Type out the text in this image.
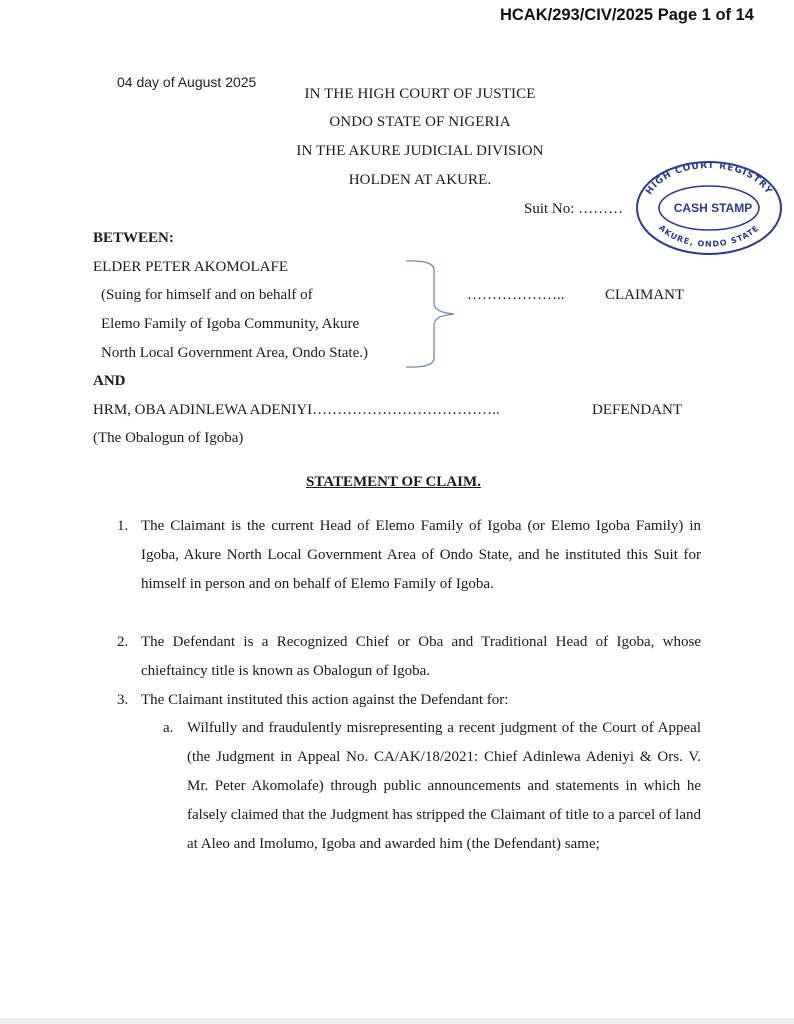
HCAK/293/CIV/2025 Page 1 of 14
04 day of August 2025
IN THE HIGH COURT OF JUSTICE
ONDO STATE OF NIGERIA
IN THE AKURE JUDICIAL DIVISION
HOLDEN AT AKURE.
Suit No: ………
HIGH COURT REGISTRY
AKURE, ONDO STATE
CASH STAMP
BETWEEN:
ELDER PETER AKOMOLAFE
(Suing for himself and on behalf of
Elemo Family of Igoba Community, Akure
North Local Government Area, Ondo State.)
………………..	CLAIMANT
AND
HRM, OBA ADINLEWA ADENIYI………………………………..	DEFENDANT
(The Obalogun of Igoba)
STATEMENT OF CLAIM.
1. The Claimant is the current Head of Elemo Family of Igoba (or Elemo Igoba Family) in Igoba, Akure North Local Government Area of Ondo State, and he instituted this Suit for himself in person and on behalf of Elemo Family of Igoba.
2. The Defendant is a Recognized Chief or Oba and Traditional Head of Igoba, whose chieftaincy title is known as Obalogun of Igoba.
3. The Claimant instituted this action against the Defendant for:
a. Wilfully and fraudulently misrepresenting a recent judgment of the Court of Appeal (the Judgment in Appeal No. CA/AK/18/2021: Chief Adinlewa Adeniyi & Ors. V. Mr. Peter Akomolafe) through public announcements and statements in which he falsely claimed that the Judgment has stripped the Claimant of title to a parcel of land at Aleo and Imolumo, Igoba and awarded him (the Defendant) same;
